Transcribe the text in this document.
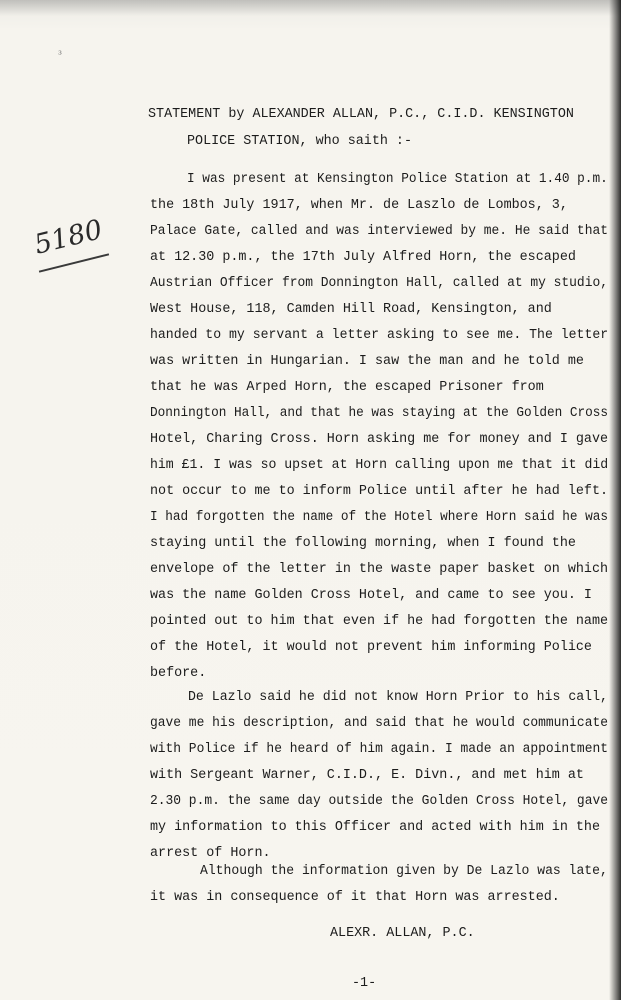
³
5180
STATEMENT by ALEXANDER ALLAN, P.C., C.I.D. KENSINGTON
POLICE STATION, who saith :-
I was present at Kensington Police Station at 1.40 p.m.
the 18th July 1917, when Mr. de Laszlo de Lombos, 3,
Palace Gate, called and was interviewed by me. He said that
at 12.30 p.m., the 17th July Alfred Horn, the escaped
Austrian Officer from Donnington Hall, called at my studio,
West House, 118, Camden Hill Road, Kensington, and
handed to my servant a letter asking to see me. The letter
was written in Hungarian. I saw the man and he told me
that he was Arped Horn, the escaped Prisoner from
Donnington Hall, and that he was staying at the Golden Cross
Hotel, Charing Cross. Horn asking me for money and I gave
him £1. I was so upset at Horn calling upon me that it did
not occur to me to inform Police until after he had left.
I had forgotten the name of the Hotel where Horn said he was
staying until the following morning, when I found the
envelope of the letter in the waste paper basket on which
was the name Golden Cross Hotel, and came to see you. I
pointed out to him that even if he had forgotten the name
of the Hotel, it would not prevent him informing Police
before.
De Lazlo said he did not know Horn Prior to his call,
gave me his description, and said that he would communicate
with Police if he heard of him again. I made an appointment
with Sergeant Warner, C.I.D., E. Divn., and met him at
2.30 p.m. the same day outside the Golden Cross Hotel, gave
my information to this Officer and acted with him in the
arrest of Horn.
Although the information given by De Lazlo was late,
it was in consequence of it that Horn was arrested.
ALEXR. ALLAN, P.C.
-1-
